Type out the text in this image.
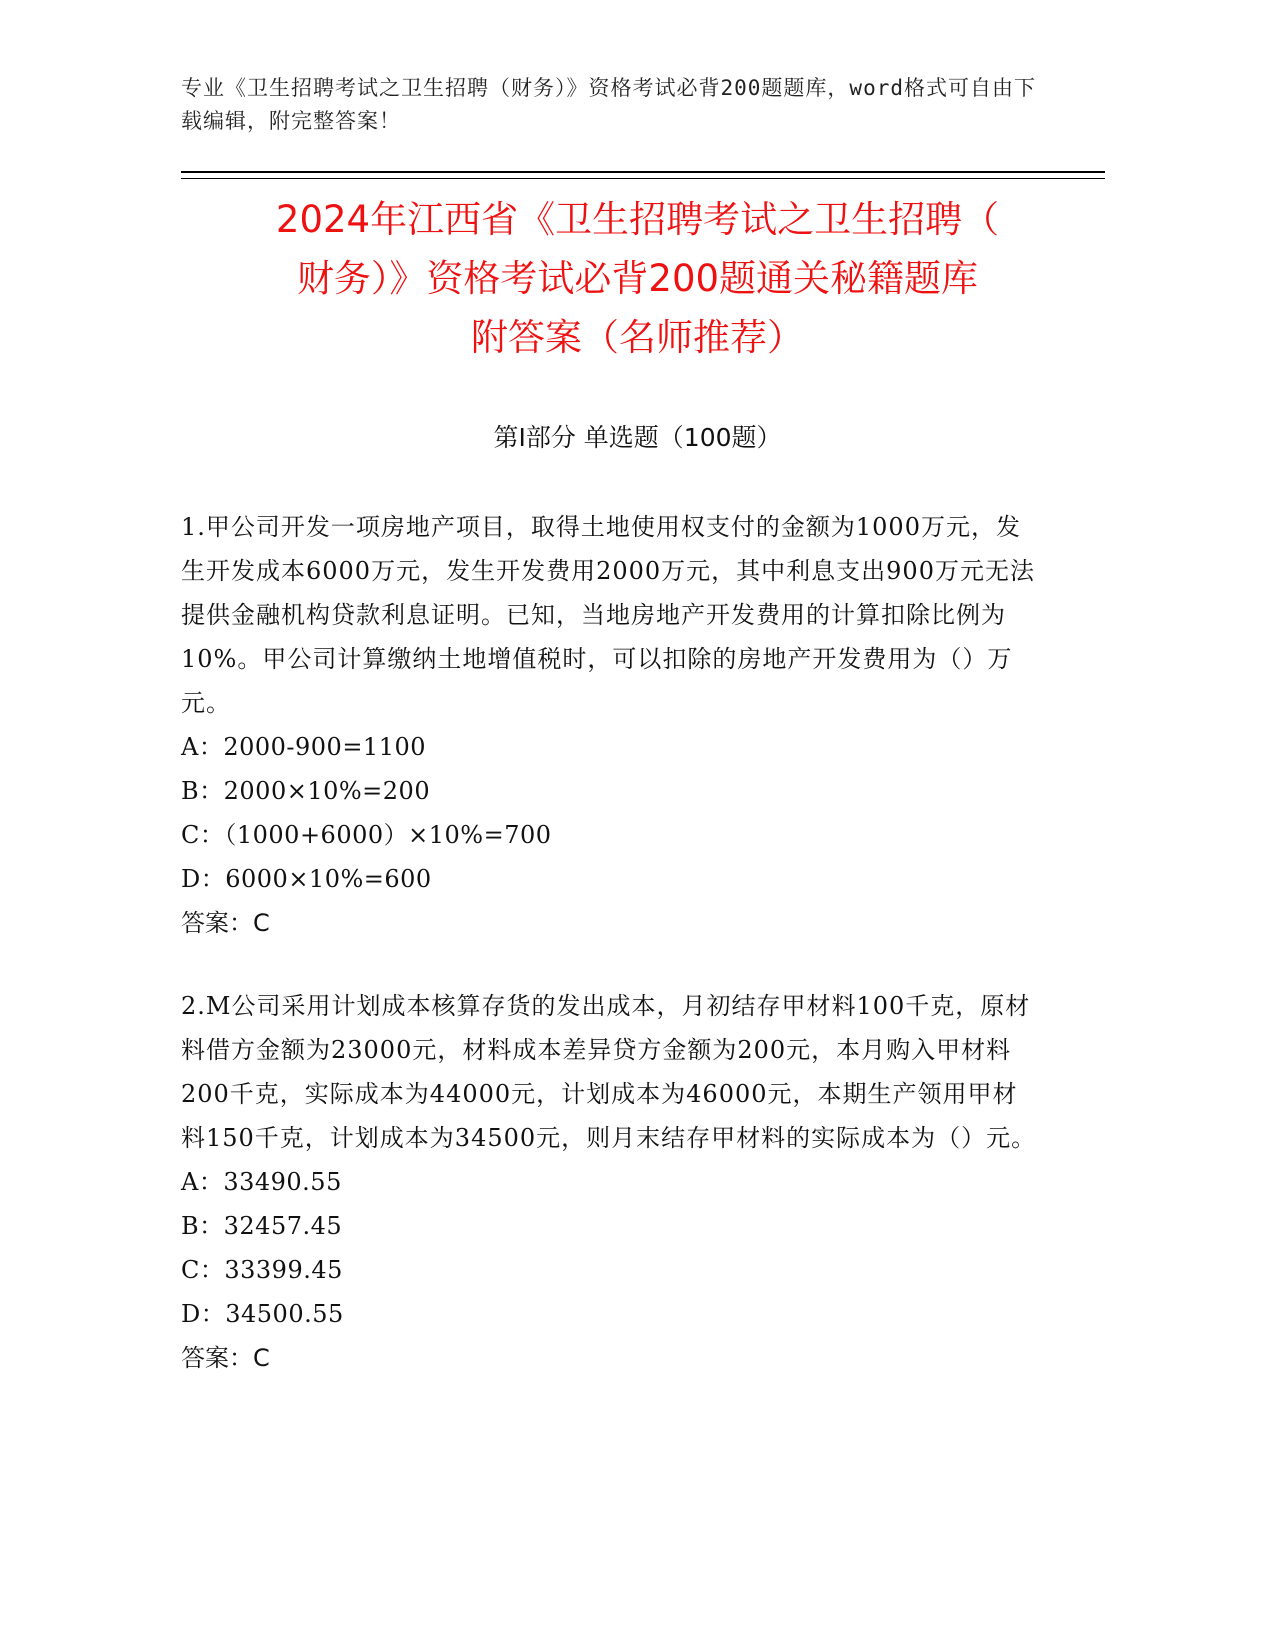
专业《卫生招聘考试之卫生招聘（财务）》资格考试必背200题题库，word格式可自由下载编辑，附完整答案！
2024年江西省《卫生招聘考试之卫生招聘（
财务）》资格考试必背200题通关秘籍题库
附答案（名师推荐）
第Ⅰ部分 单选题（100题）
1.甲公司开发一项房地产项目，取得土地使用权支付的金额为1000万元，发生开发成本6000万元，发生开发费用2000万元，其中利息支出900万元无法提供金融机构贷款利息证明。已知，当地房地产开发费用的计算扣除比例为10%。甲公司计算缴纳土地增值税时，可以扣除的房地产开发费用为（）万元。
A：2000-900=1100
B：2000×10%=200
C：（1000+6000）×10%=700
D：6000×10%=600
答案：C
2.M公司采用计划成本核算存货的发出成本，月初结存甲材料100千克，原材料借方金额为23000元，材料成本差异贷方金额为200元，本月购入甲材料200千克，实际成本为44000元，计划成本为46000元，本期生产领用甲材料150千克，计划成本为34500元，则月末结存甲材料的实际成本为（）元。
A：33490.55
B：32457.45
C：33399.45
D：34500.55
答案：C
